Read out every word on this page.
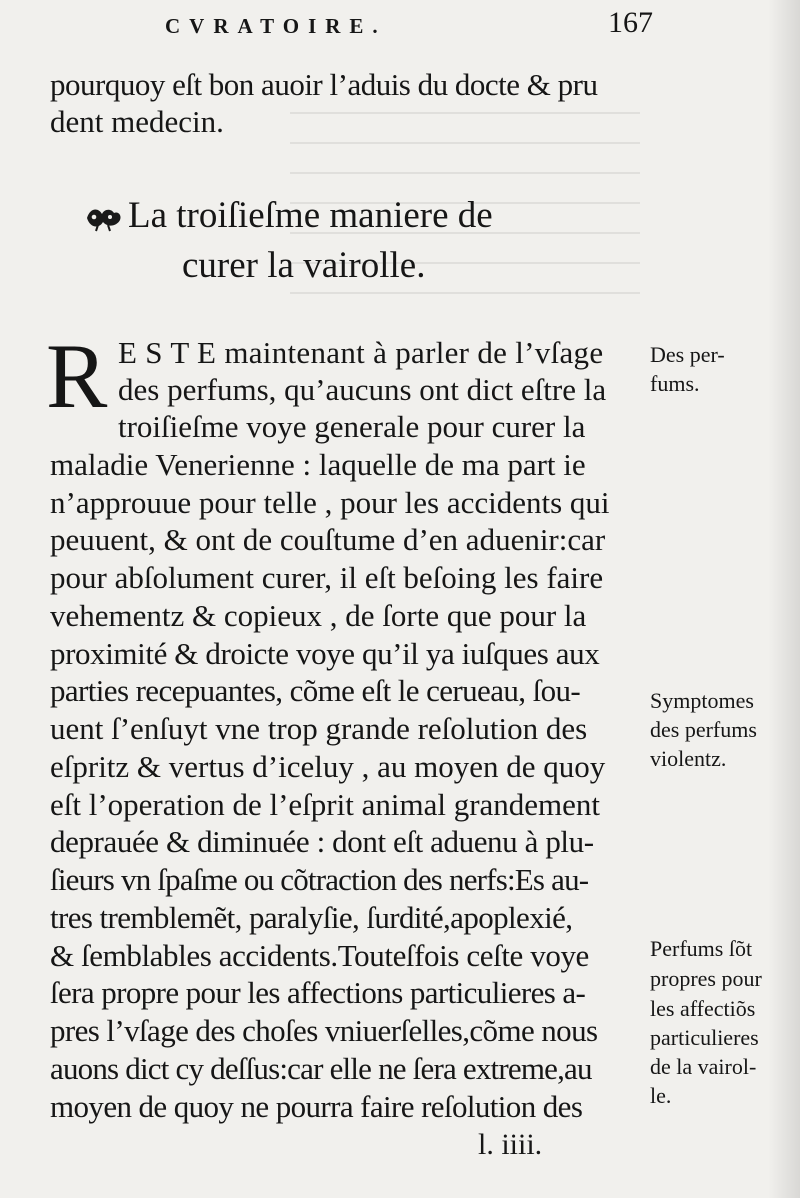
CVRATOIRE.	167

pourquoy eſt bon auoir l’aduis du docte & pru

dent medecin.

La troiſieſme maniere de

curer la vairolle.

R E S T E maintenant à parler de l’vſage

des perfums, qu’aucuns ont dict eſtre la

troiſieſme voye generale pour curer la

maladie Venerienne : laquelle de ma part ie

n’approuue pour telle , pour les accidents qui

peuuent, & ont de couſtume d’en aduenir:car

pour abſolument curer, il eſt beſoing les faire

vehementz & copieux , de ſorte que pour la

proximité & droicte voye qu’il ya iuſques aux

parties recepuantes, cõme eſt le cerueau, ſou-

uent ſ’enſuyt vne trop grande reſolution des

eſpritz & vertus d’iceluy , au moyen de quoy

eſt l’operation de l’eſprit animal grandement

deprauée & diminuée : dont eſt aduenu à plu-

ſieurs vn ſpaſme ou cõtraction des nerfs:Es au-

tres tremblemẽt, paralyſie, ſurdité,apoplexié,

& ſemblables accidents.Touteſfois ceſte voye

ſera propre pour les affections particulieres a-

pres l’vſage des choſes vniuerſelles,cõme nous

auons dict cy deſſus:car elle ne ſera extreme,au

moyen de quoy ne pourra faire reſolution des

Des per-

fums.

Symptomes

des perfums

violentz.

Perfums ſõt

propres pour

les affectiõs

particulieres

de la vairol-

le.

l. iiii.
